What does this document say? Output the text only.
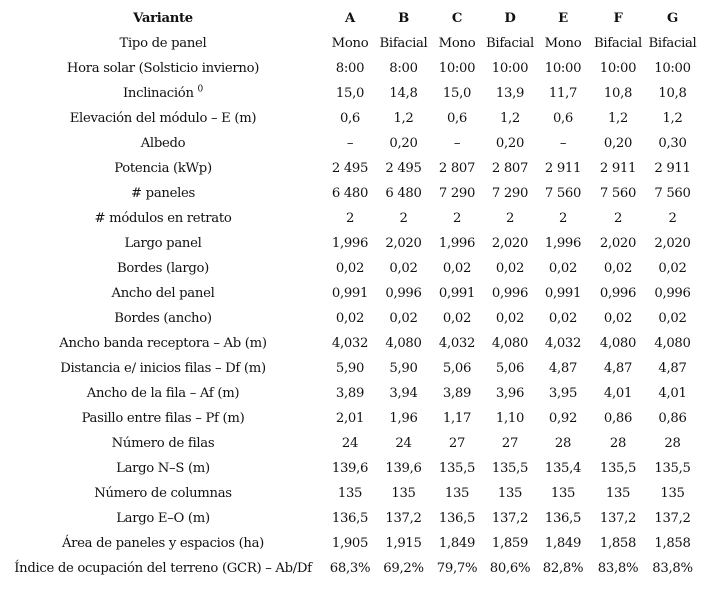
Variante	A	B	C	D	E	F	G
Tipo de panel	Mono	Bifacial	Mono	Bifacial	Mono	Bifacial	Bifacial
Hora solar (Solsticio invierno)	8:00	8:00	10:00	10:00	10:00	10:00	10:00
Inclinación $^0$	15,0	14,8	15,0	13,9	11,7	10,8	10,8
Elevación del módulo – E (m)	0,6	1,2	0,6	1,2	0,6	1,2	1,2
Albedo	–	0,20	–	0,20	–	0,20	0,30
Potencia (kWp)	2 495	2 495	2 807	2 807	2 911	2 911	2 911
# paneles	6 480	6 480	7 290	7 290	7 560	7 560	7 560
# módulos en retrato	2	2	2	2	2	2	2
Largo panel	1,996	2,020	1,996	2,020	1,996	2,020	2,020
Bordes (largo)	0,02	0,02	0,02	0,02	0,02	0,02	0,02
Ancho del panel	0,991	0,996	0,991	0,996	0,991	0,996	0,996
Bordes (ancho)	0,02	0,02	0,02	0,02	0,02	0,02	0,02
Ancho banda receptora – Ab (m)	4,032	4,080	4,032	4,080	4,032	4,080	4,080
Distancia e/ inicios filas – Df (m)	5,90	5,90	5,06	5,06	4,87	4,87	4,87
Ancho de la fila – Af (m)	3,89	3,94	3,89	3,96	3,95	4,01	4,01
Pasillo entre filas – Pf (m)	2,01	1,96	1,17	1,10	0,92	0,86	0,86
Número de filas	24	24	27	27	28	28	28
Largo N–S (m)	139,6	139,6	135,5	135,5	135,4	135,5	135,5
Número de columnas	135	135	135	135	135	135	135
Largo E–O (m)	136,5	137,2	136,5	137,2	136,5	137,2	137,2
Área de paneles y espacios (ha)	1,905	1,915	1,849	1,859	1,849	1,858	1,858
Índice de ocupación del terreno (GCR) – Ab/Df	68,3%	69,2%	79,7%	80,6%	82,8%	83,8%	83,8%
